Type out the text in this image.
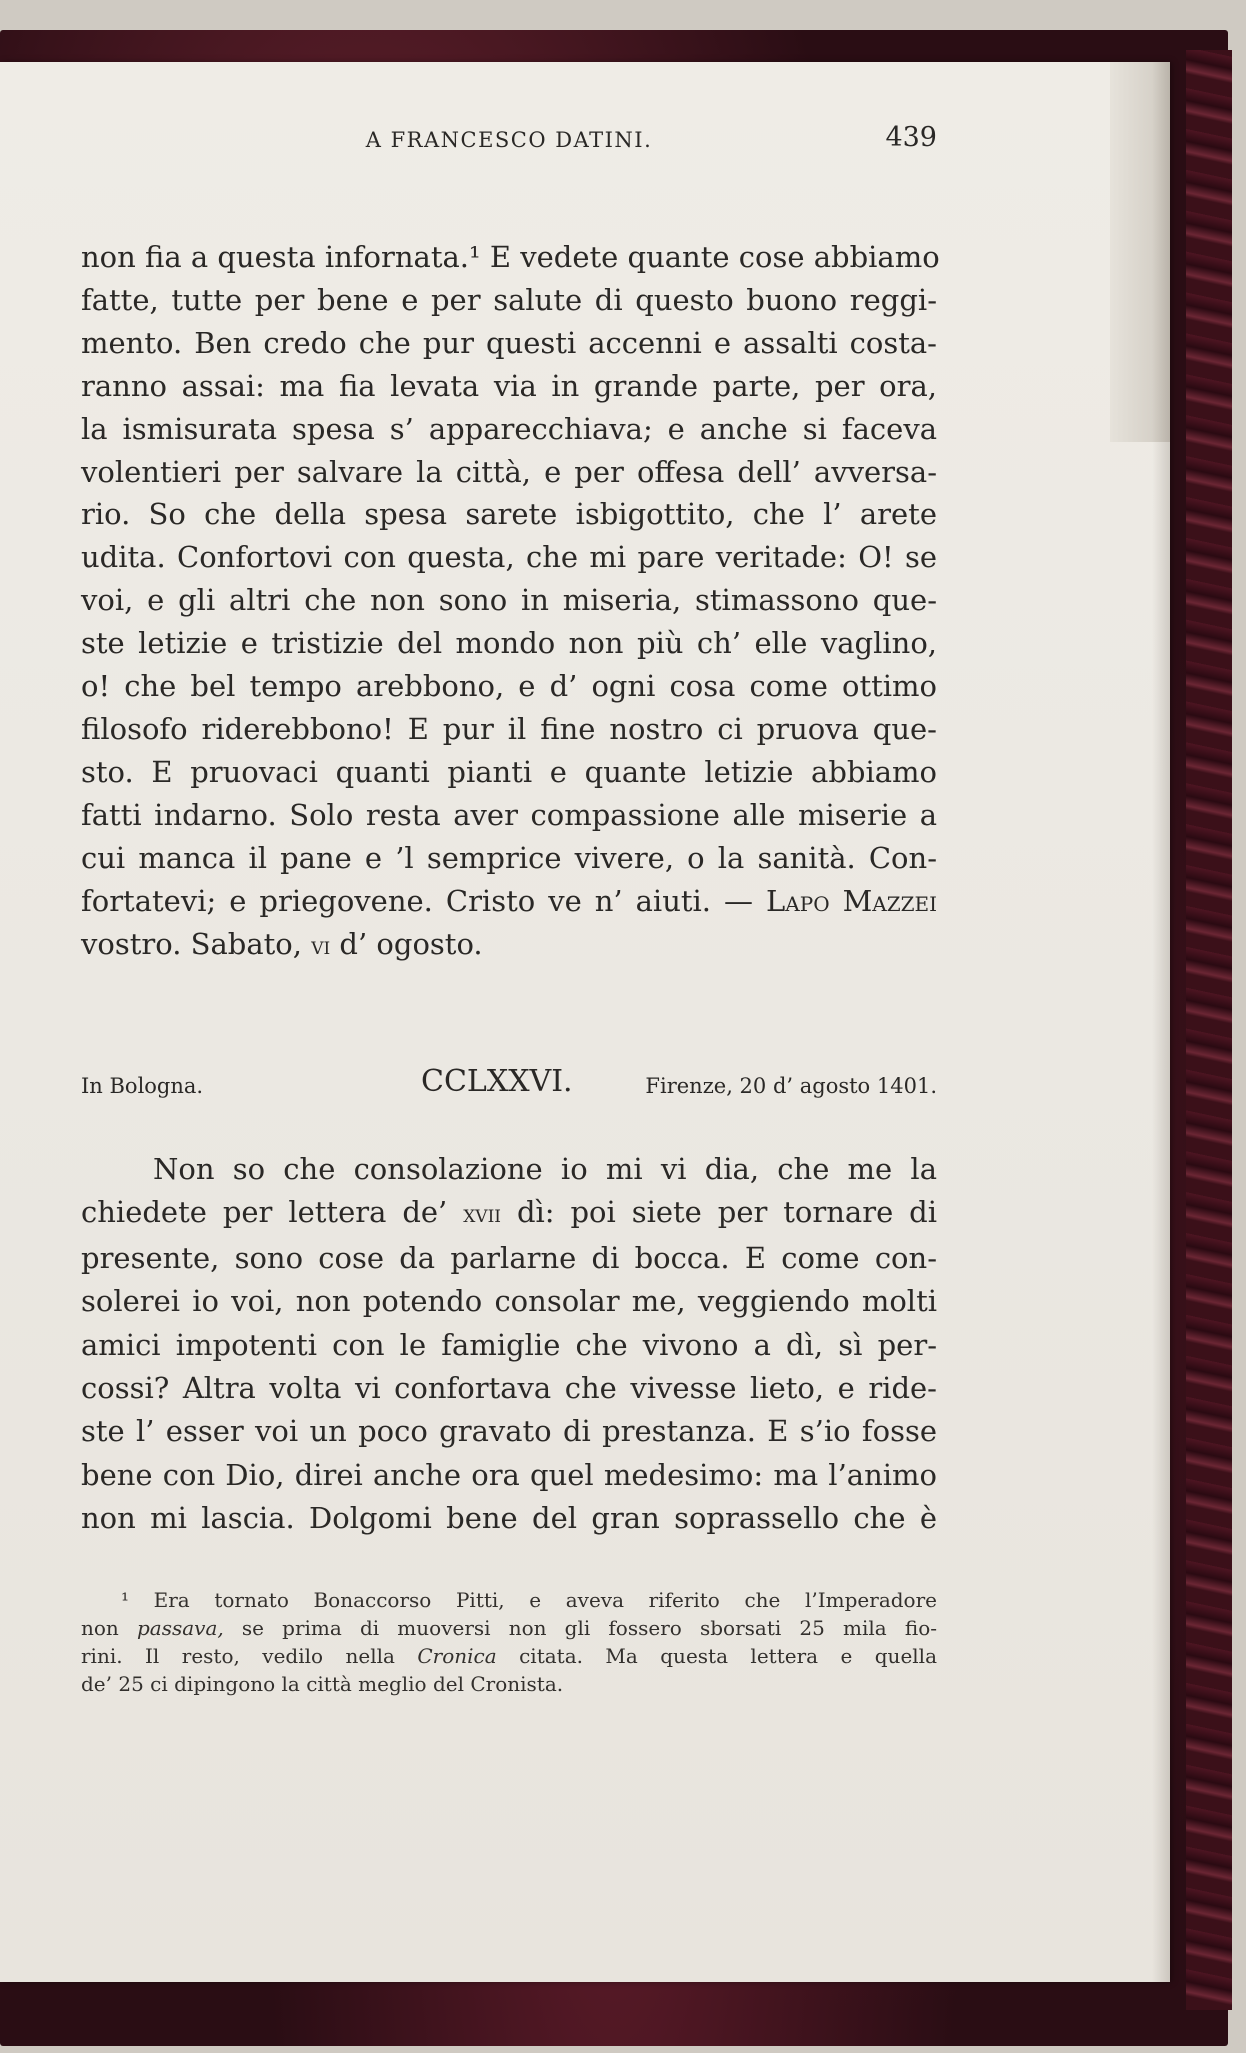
A FRANCESCO DATINI.	439
non fia a questa infornata.¹ E vedete quante cose abbiamo
fatte, tutte per bene e per salute di questo buono reggi-
mento. Ben credo che pur questi accenni e assalti costa-
ranno assai: ma fia levata via in grande parte, per ora,
la ismisurata spesa s’ apparecchiava; e anche si faceva
volentieri per salvare la città, e per offesa dell’ avversa-
rio. So che della spesa sarete isbigottito, che l’ arete
udita. Confortovi con questa, che mi pare veritade: O! se
voi, e gli altri che non sono in miseria, stimassono que-
ste letizie e tristizie del mondo non più ch’ elle vaglino,
o! che bel tempo arebbono, e d’ ogni cosa come ottimo
filosofo riderebbono! E pur il fine nostro ci pruova que-
sto. E pruovaci quanti pianti e quante letizie abbiamo
fatti indarno. Solo resta aver compassione alle miserie a
cui manca il pane e ’l semprice vivere, o la sanità. Con-
fortatevi; e priegovene. Cristo ve n’ aiuti. — Lapo Mazzei
vostro. Sabato, vi d’ ogosto.
In Bologna.	CCLXXVI.	Firenze, 20 d’ agosto 1401.
Non so che consolazione io mi vi dia, che me la
chiedete per lettera de’ xvii dì: poi siete per tornare di
presente, sono cose da parlarne di bocca. E come con-
solerei io voi, non potendo consolar me, veggiendo molti
amici impotenti con le famiglie che vivono a dì, sì per-
cossi? Altra volta vi confortava che vivesse lieto, e ride-
ste l’ esser voi un poco gravato di prestanza. E s’io fosse
bene con Dio, direi anche ora quel medesimo: ma l’animo
non mi lascia. Dolgomi bene del gran soprassello che è
¹ Era tornato Bonaccorso Pitti, e aveva riferito che l’Imperadore
non passava, se prima di muoversi non gli fossero sborsati 25 mila fio-
rini. Il resto, vedilo nella Cronica citata. Ma questa lettera e quella
de’ 25 ci dipingono la città meglio del Cronista.
